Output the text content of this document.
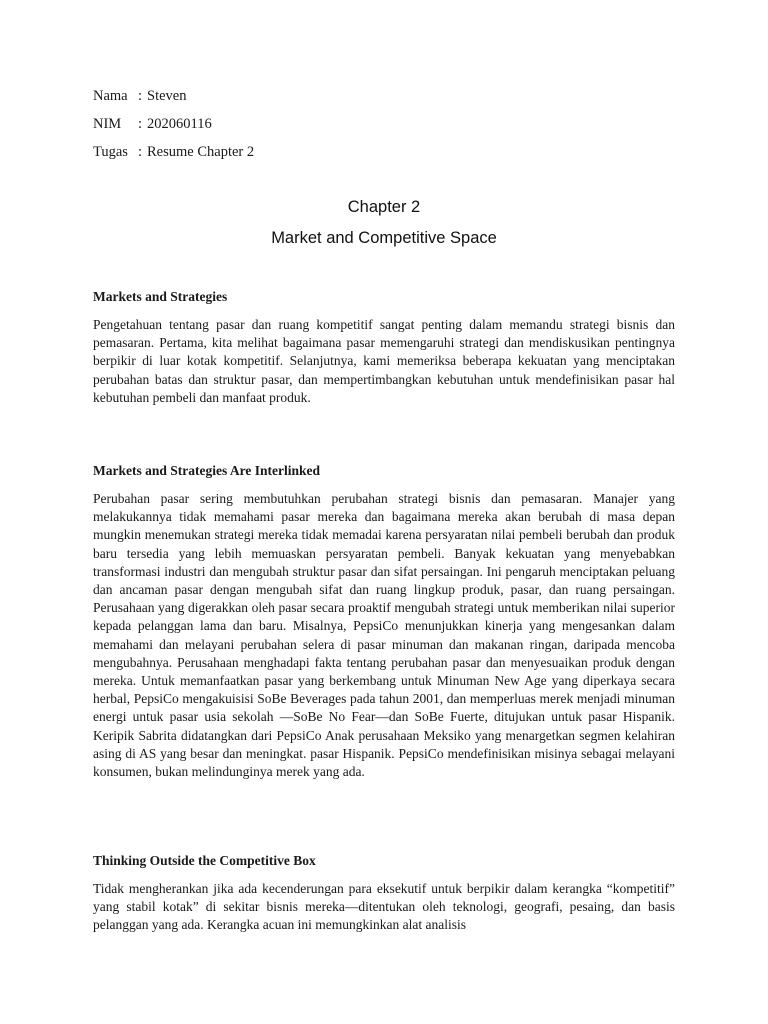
Nama : Steven
NIM	: 202060116
Tugas : Resume Chapter 2
Chapter 2
Market and Competitive Space
Markets and Strategies

Pengetahuan tentang pasar dan ruang kompetitif sangat penting dalam memandu strategi bisnis dan pemasaran. Pertama, kita melihat bagaimana pasar memengaruhi strategi dan mendiskusikan pentingnya berpikir di luar kotak kompetitif. Selanjutnya, kami memeriksa beberapa kekuatan yang menciptakan perubahan batas dan struktur pasar, dan mempertimbangkan kebutuhan untuk mendefinisikan pasar hal kebutuhan pembeli dan manfaat produk.

Markets and Strategies Are Interlinked

Perubahan pasar sering membutuhkan perubahan strategi bisnis dan pemasaran. Manajer yang melakukannya tidak memahami pasar mereka dan bagaimana mereka akan berubah di masa depan mungkin menemukan strategi mereka tidak memadai karena persyaratan nilai pembeli berubah dan produk baru tersedia yang lebih memuaskan persyaratan pembeli. Banyak kekuatan yang menyebabkan transformasi industri dan mengubah struktur pasar dan sifat persaingan. Ini pengaruh menciptakan peluang dan ancaman pasar dengan mengubah sifat dan ruang lingkup produk, pasar, dan ruang persaingan. Perusahaan yang digerakkan oleh pasar secara proaktif mengubah strategi untuk memberikan nilai superior kepada pelanggan lama dan baru. Misalnya, PepsiCo menunjukkan kinerja yang mengesankan dalam memahami dan melayani perubahan selera di pasar minuman dan makanan ringan, daripada mencoba mengubahnya. Perusahaan menghadapi fakta tentang perubahan pasar dan menyesuaikan produk dengan mereka. Untuk memanfaatkan pasar yang berkembang untuk Minuman New Age yang diperkaya secara herbal, PepsiCo mengakuisisi SoBe Beverages pada tahun 2001, dan memperluas merek menjadi minuman energi untuk pasar usia sekolah —SoBe No Fear—dan SoBe Fuerte, ditujukan untuk pasar Hispanik. Keripik Sabrita didatangkan dari PepsiCo Anak perusahaan Meksiko yang menargetkan segmen kelahiran asing di AS yang besar dan meningkat. pasar Hispanik. PepsiCo mendefinisikan misinya sebagai melayani konsumen, bukan melindunginya merek yang ada.

Thinking Outside the Competitive Box

Tidak mengherankan jika ada kecenderungan para eksekutif untuk berpikir dalam kerangka “kompetitif” yang stabil kotak” di sekitar bisnis mereka—ditentukan oleh teknologi, geografi, pesaing, dan basis pelanggan yang ada. Kerangka acuan ini memungkinkan alat analisis
